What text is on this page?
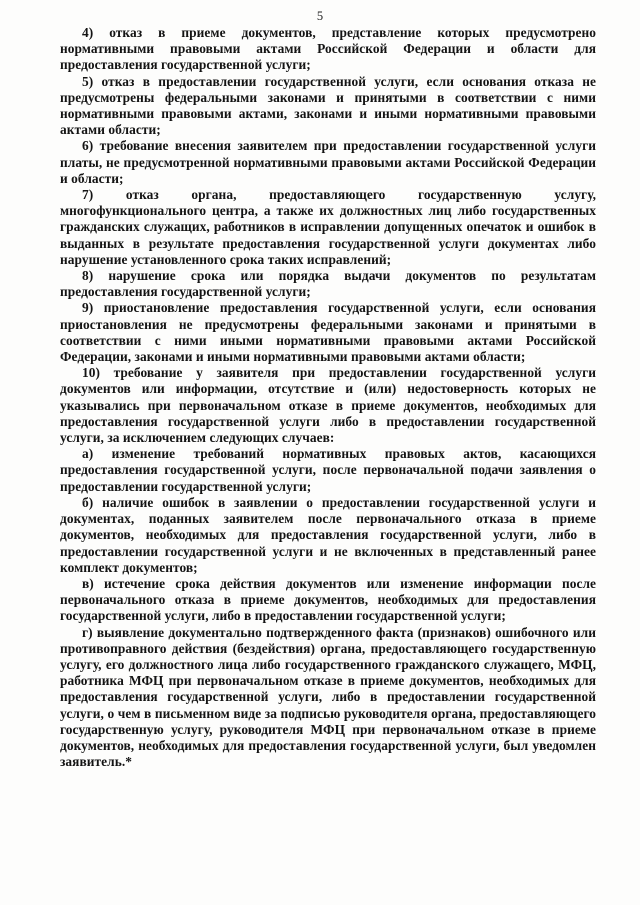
5

4) отказ в приеме документов, представление которых предусмотрено нормативными правовыми актами Российской Федерации и области для предоставления государственной услуги;

5) отказ в предоставлении государственной услуги, если основания отказа не предусмотрены федеральными законами и принятыми в соответствии с ними нормативными правовыми актами, законами и иными нормативными правовыми актами области;

6) требование внесения заявителем при предоставлении государственной услуги платы, не предусмотренной нормативными правовыми актами Российской Федерации и области;

7) отказ органа, предоставляющего государственную услугу, многофункционального центра, а также их должностных лиц либо государственных гражданских служащих, работников в исправлении допущенных опечаток и ошибок в выданных в результате предоставления государственной услуги документах либо нарушение установленного срока таких исправлений;

8) нарушение срока или порядка выдачи документов по результатам предоставления государственной услуги;

9) приостановление предоставления государственной услуги, если основания приостановления не предусмотрены федеральными законами и принятыми в соответствии с ними иными нормативными правовыми актами Российской Федерации, законами и иными нормативными правовыми актами области;

10) требование у заявителя при предоставлении государственной услуги документов или информации, отсутствие и (или) недостоверность которых не указывались при первоначальном отказе в приеме документов, необходимых для предоставления государственной услуги либо в предоставлении государственной услуги, за исключением следующих случаев:

а) изменение требований нормативных правовых актов, касающихся предоставления государственной услуги, после первоначальной подачи заявления о предоставлении государственной услуги;

б) наличие ошибок в заявлении о предоставлении государственной услуги и документах, поданных заявителем после первоначального отказа в приеме документов, необходимых для предоставления государственной услуги, либо в предоставлении государственной услуги и не включенных в представленный ранее комплект документов;

в) истечение срока действия документов или изменение информации после первоначального отказа в приеме документов, необходимых для предоставления государственной услуги, либо в предоставлении государственной услуги;

г) выявление документально подтвержденного факта (признаков) ошибочного или противоправного действия (бездействия) органа, предоставляющего государственную услугу, его должностного лица либо государственного гражданского служащего, МФЦ, работника МФЦ при первоначальном отказе в приеме документов, необходимых для предоставления государственной услуги, либо в предоставлении государственной услуги, о чем в письменном виде за подписью руководителя органа, предоставляющего государственную услугу, руководителя МФЦ при первоначальном отказе в приеме документов, необходимых для предоставления государственной услуги, был уведомлен заявитель.*
